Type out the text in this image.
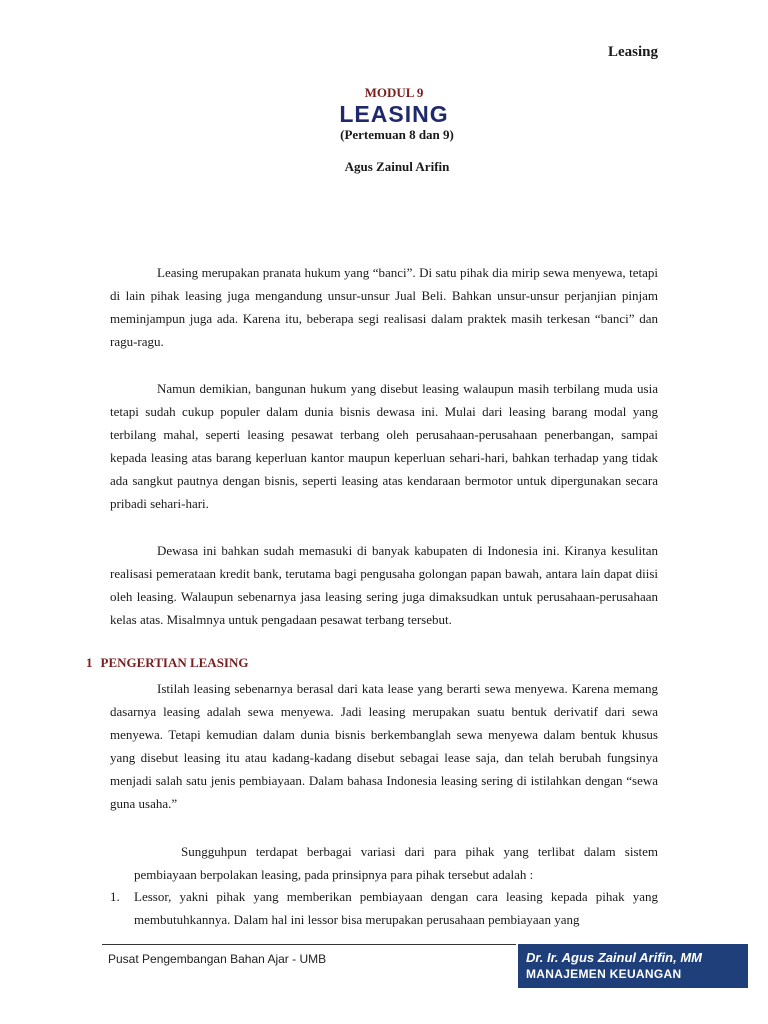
Leasing
MODUL 9
LEASING
(Pertemuan 8 dan 9)
Agus Zainul Arifin

Leasing merupakan pranata hukum yang “banci”. Di satu pihak dia mirip sewa menyewa, tetapi di lain pihak leasing juga mengandung unsur-unsur Jual Beli. Bahkan unsur-unsur perjanjian pinjam meminjampun juga ada. Karena itu, beberapa segi realisasi dalam praktek masih terkesan “banci” dan ragu-ragu.

Namun demikian, bangunan hukum yang disebut leasing walaupun masih terbilang muda usia tetapi sudah cukup populer dalam dunia bisnis dewasa ini. Mulai dari leasing barang modal yang terbilang mahal, seperti leasing pesawat terbang oleh perusahaan-perusahaan penerbangan, sampai kepada leasing atas barang keperluan kantor maupun keperluan sehari-hari, bahkan terhadap yang tidak ada sangkut pautnya dengan bisnis, seperti leasing atas kendaraan bermotor untuk dipergunakan secara pribadi sehari-hari.

Dewasa ini bahkan sudah memasuki di banyak kabupaten di Indonesia ini. Kiranya kesulitan realisasi pemerataan kredit bank, terutama bagi pengusaha golongan papan bawah, antara lain dapat diisi oleh leasing. Walaupun sebenarnya jasa leasing sering juga dimaksudkan untuk perusahaan-perusahaan kelas atas. Misalmnya untuk pengadaan pesawat terbang tersebut.

1 PENGERTIAN LEASING

Istilah leasing sebenarnya berasal dari kata lease yang berarti sewa menyewa. Karena memang dasarnya leasing adalah sewa menyewa. Jadi leasing merupakan suatu bentuk derivatif dari sewa menyewa. Tetapi kemudian dalam dunia bisnis berkembanglah sewa menyewa dalam bentuk khusus yang disebut leasing itu atau kadang-kadang disebut sebagai lease saja, dan telah berubah fungsinya menjadi salah satu jenis pembiayaan. Dalam bahasa Indonesia leasing sering di istilahkan dengan “sewa guna usaha.”

Sungguhpun terdapat berbagai variasi dari para pihak yang terlibat dalam sistem pembiayaan berpolakan leasing, pada prinsipnya para pihak tersebut adalah :

1. Lessor, yakni pihak yang memberikan pembiayaan dengan cara leasing kepada pihak yang membutuhkannya. Dalam hal ini lessor bisa merupakan perusahaan pembiayaan yang
Pusat Pengembangan Bahan Ajar - UMB	Dr. Ir. Agus Zainul Arifin, MM
MANAJEMEN KEUANGAN
